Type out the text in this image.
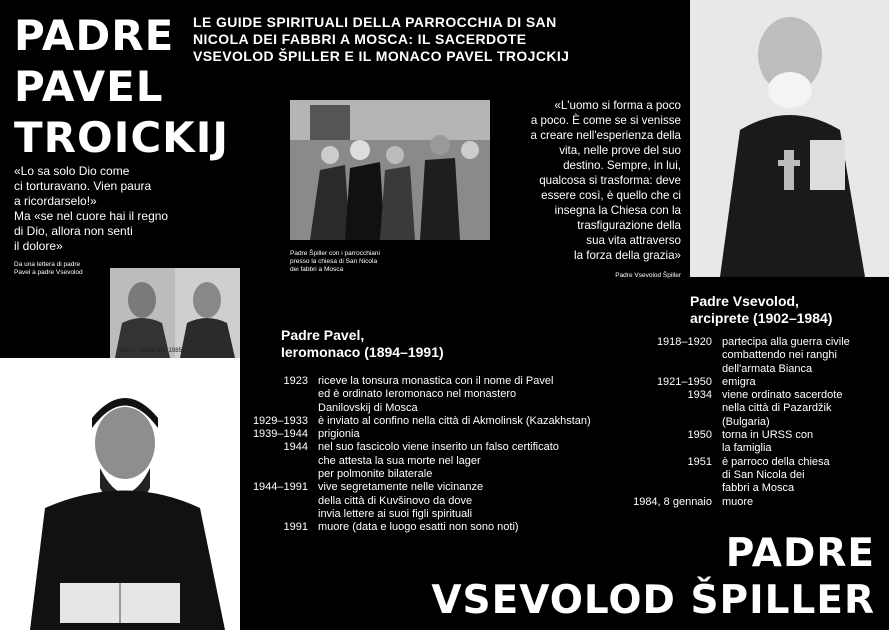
1937 г. НКВД МТ. 1985
PADRE
PAVEL
TROICKIJ
LE GUIDE SPIRITUALI DELLA PARROCCHIA DI SAN
NICOLA DEI FABBRI A MOSCA: IL SACERDOTE
VSEVOLOD ŠPILLER E IL MONACO PAVEL TROJCKIJ
«Lo sa solo Dio come
ci torturavano. Vien paura
a ricordarselo!»
Ma «se nel cuore hai il regno
di Dio, allora non senti
il dolore»
Da una lettera di padre
Pavel a padre Vsevolod
Padre Špiller con i parrocchiani
presso la chiesa di San Nicola
dei fabbri a Mosca
«L'uomo si forma a poco
a poco. È come se si venisse
a creare nell'esperienza della
vita, nelle prove del suo
destino. Sempre, in lui,
qualcosa si trasforma: deve
essere così, è quello che ci
insegna la Chiesa con la
trasfigurazione della
sua vita attraverso
la forza della grazia»
Padre Vsevolod Špiller
Padre Vsevolod,
arciprete (1902–1984)
Padre Pavel,
Ieromonaco (1894–1991)
1923 riceve la tonsura monastica con il nome di Pavel
ed è ordinato Ieromonaco nel monastero
Danilovskij di Mosca
1929–1933 è inviato al confino nella città di Akmolinsk (Kazakhstan)
1939–1944 prigionia
1944 nel suo fascicolo viene inserito un falso certificato
che attesta la sua morte nel lager
per polmonite bilaterale
1944–1991 vive segretamente nelle vicinanze
della città di Kuvšinovo da dove
invia lettere ai suoi figli spirituali
1991 muore (data e luogo esatti non sono noti)
1918–1920 partecipa alla guerra civile
combattendo nei ranghi
dell'armata Bianca
1921–1950 emigra
1934 viene ordinato sacerdote
nella città di Pazardžik
(Bulgaria)
1950 torna in URSS con
la famiglia
1951 è parroco della chiesa
di San Nicola dei
fabbri a Mosca
1984, 8 gennaio muore
PADRE
VSEVOLOD ŠPILLER
